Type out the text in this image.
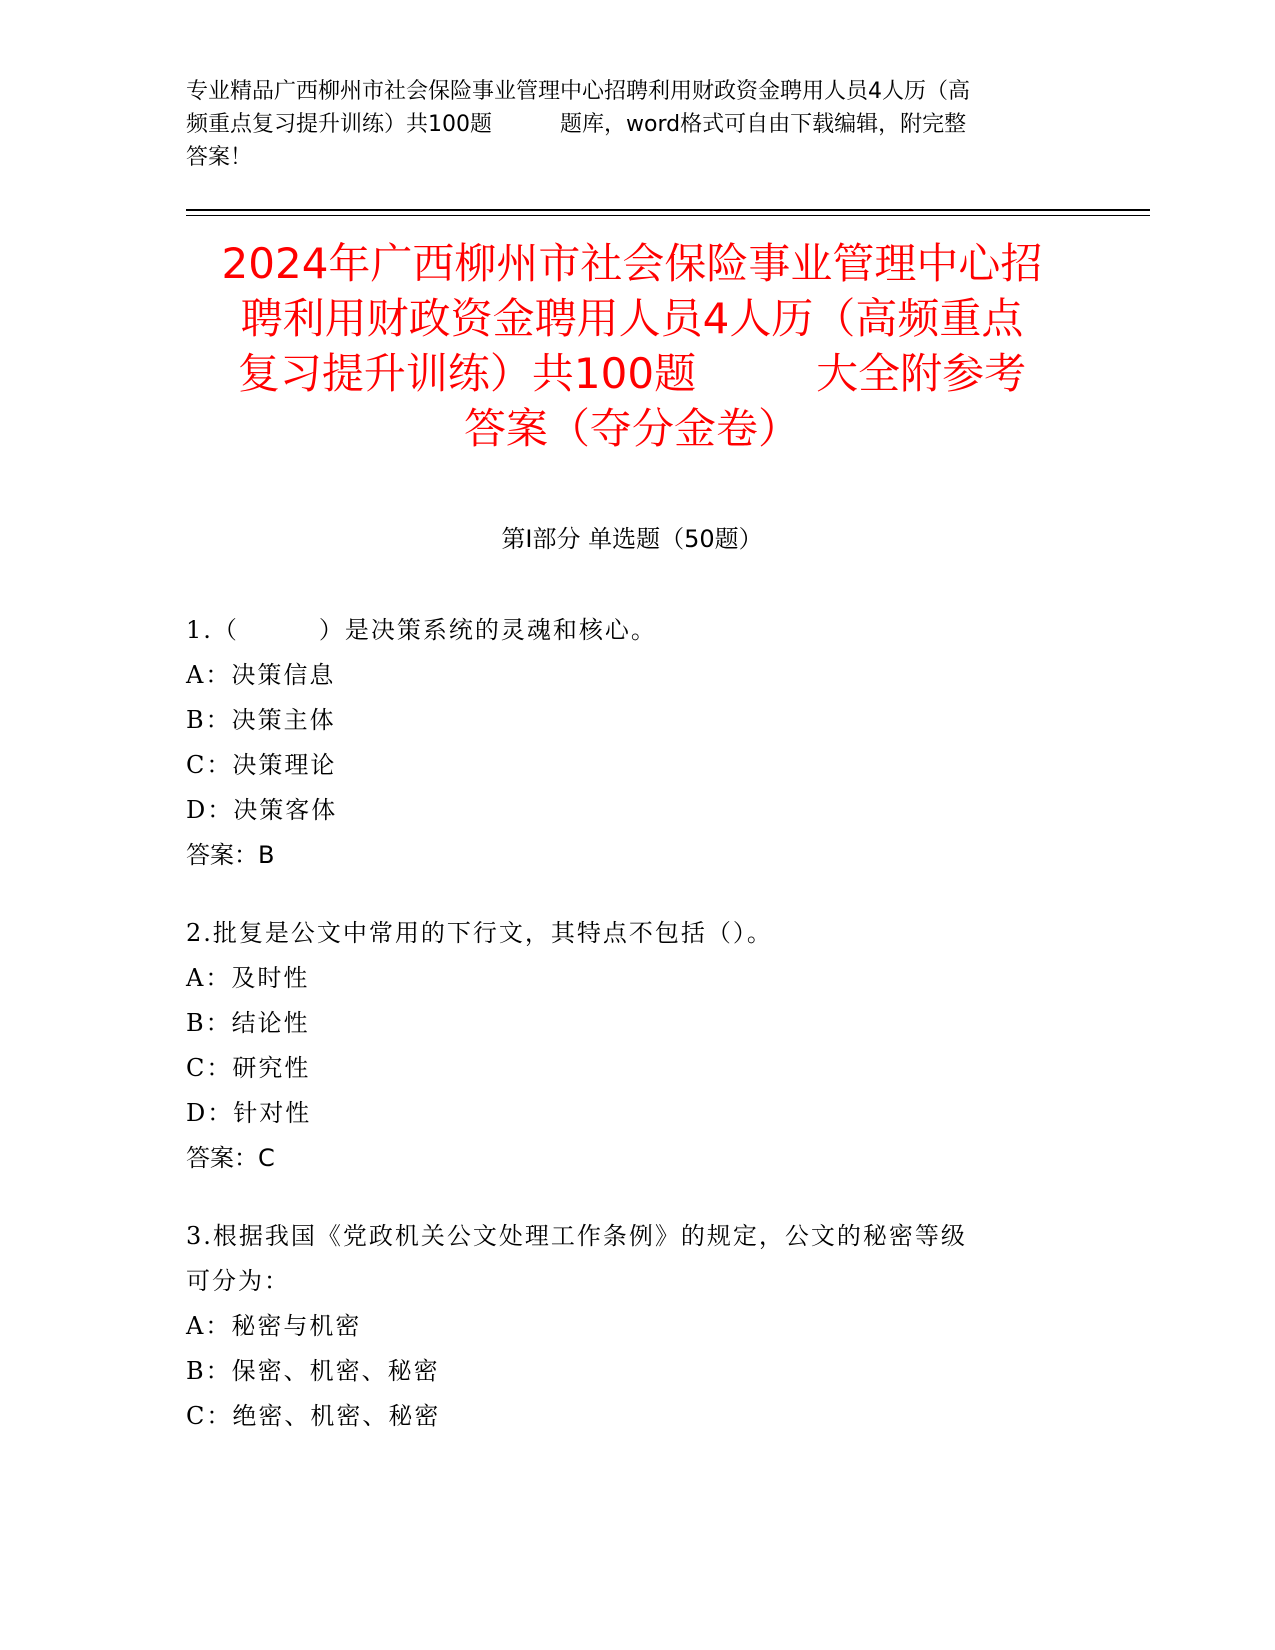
专业精品广西柳州市社会保险事业管理中心招聘利用财政资金聘用人员4人历（高
频重点复习提升训练）共100题	题库，word格式可自由下载编辑，附完整
答案！
2024年广西柳州市社会保险事业管理中心招
聘利用财政资金聘用人员4人历（高频重点
复习提升训练）共100题	大全附参考
答案（夺分金卷）
第Ⅰ部分 单选题（50题）
1.（	）是决策系统的灵魂和核心。
A：决策信息
B：决策主体
C：决策理论
D：决策客体
答案：B
2.批复是公文中常用的下行文，其特点不包括（）。
A：及时性
B：结论性
C：研究性
D：针对性
答案：C
3.根据我国《党政机关公文处理工作条例》的规定，公文的秘密等级
可分为：
A：秘密与机密
B：保密、机密、秘密
C：绝密、机密、秘密
